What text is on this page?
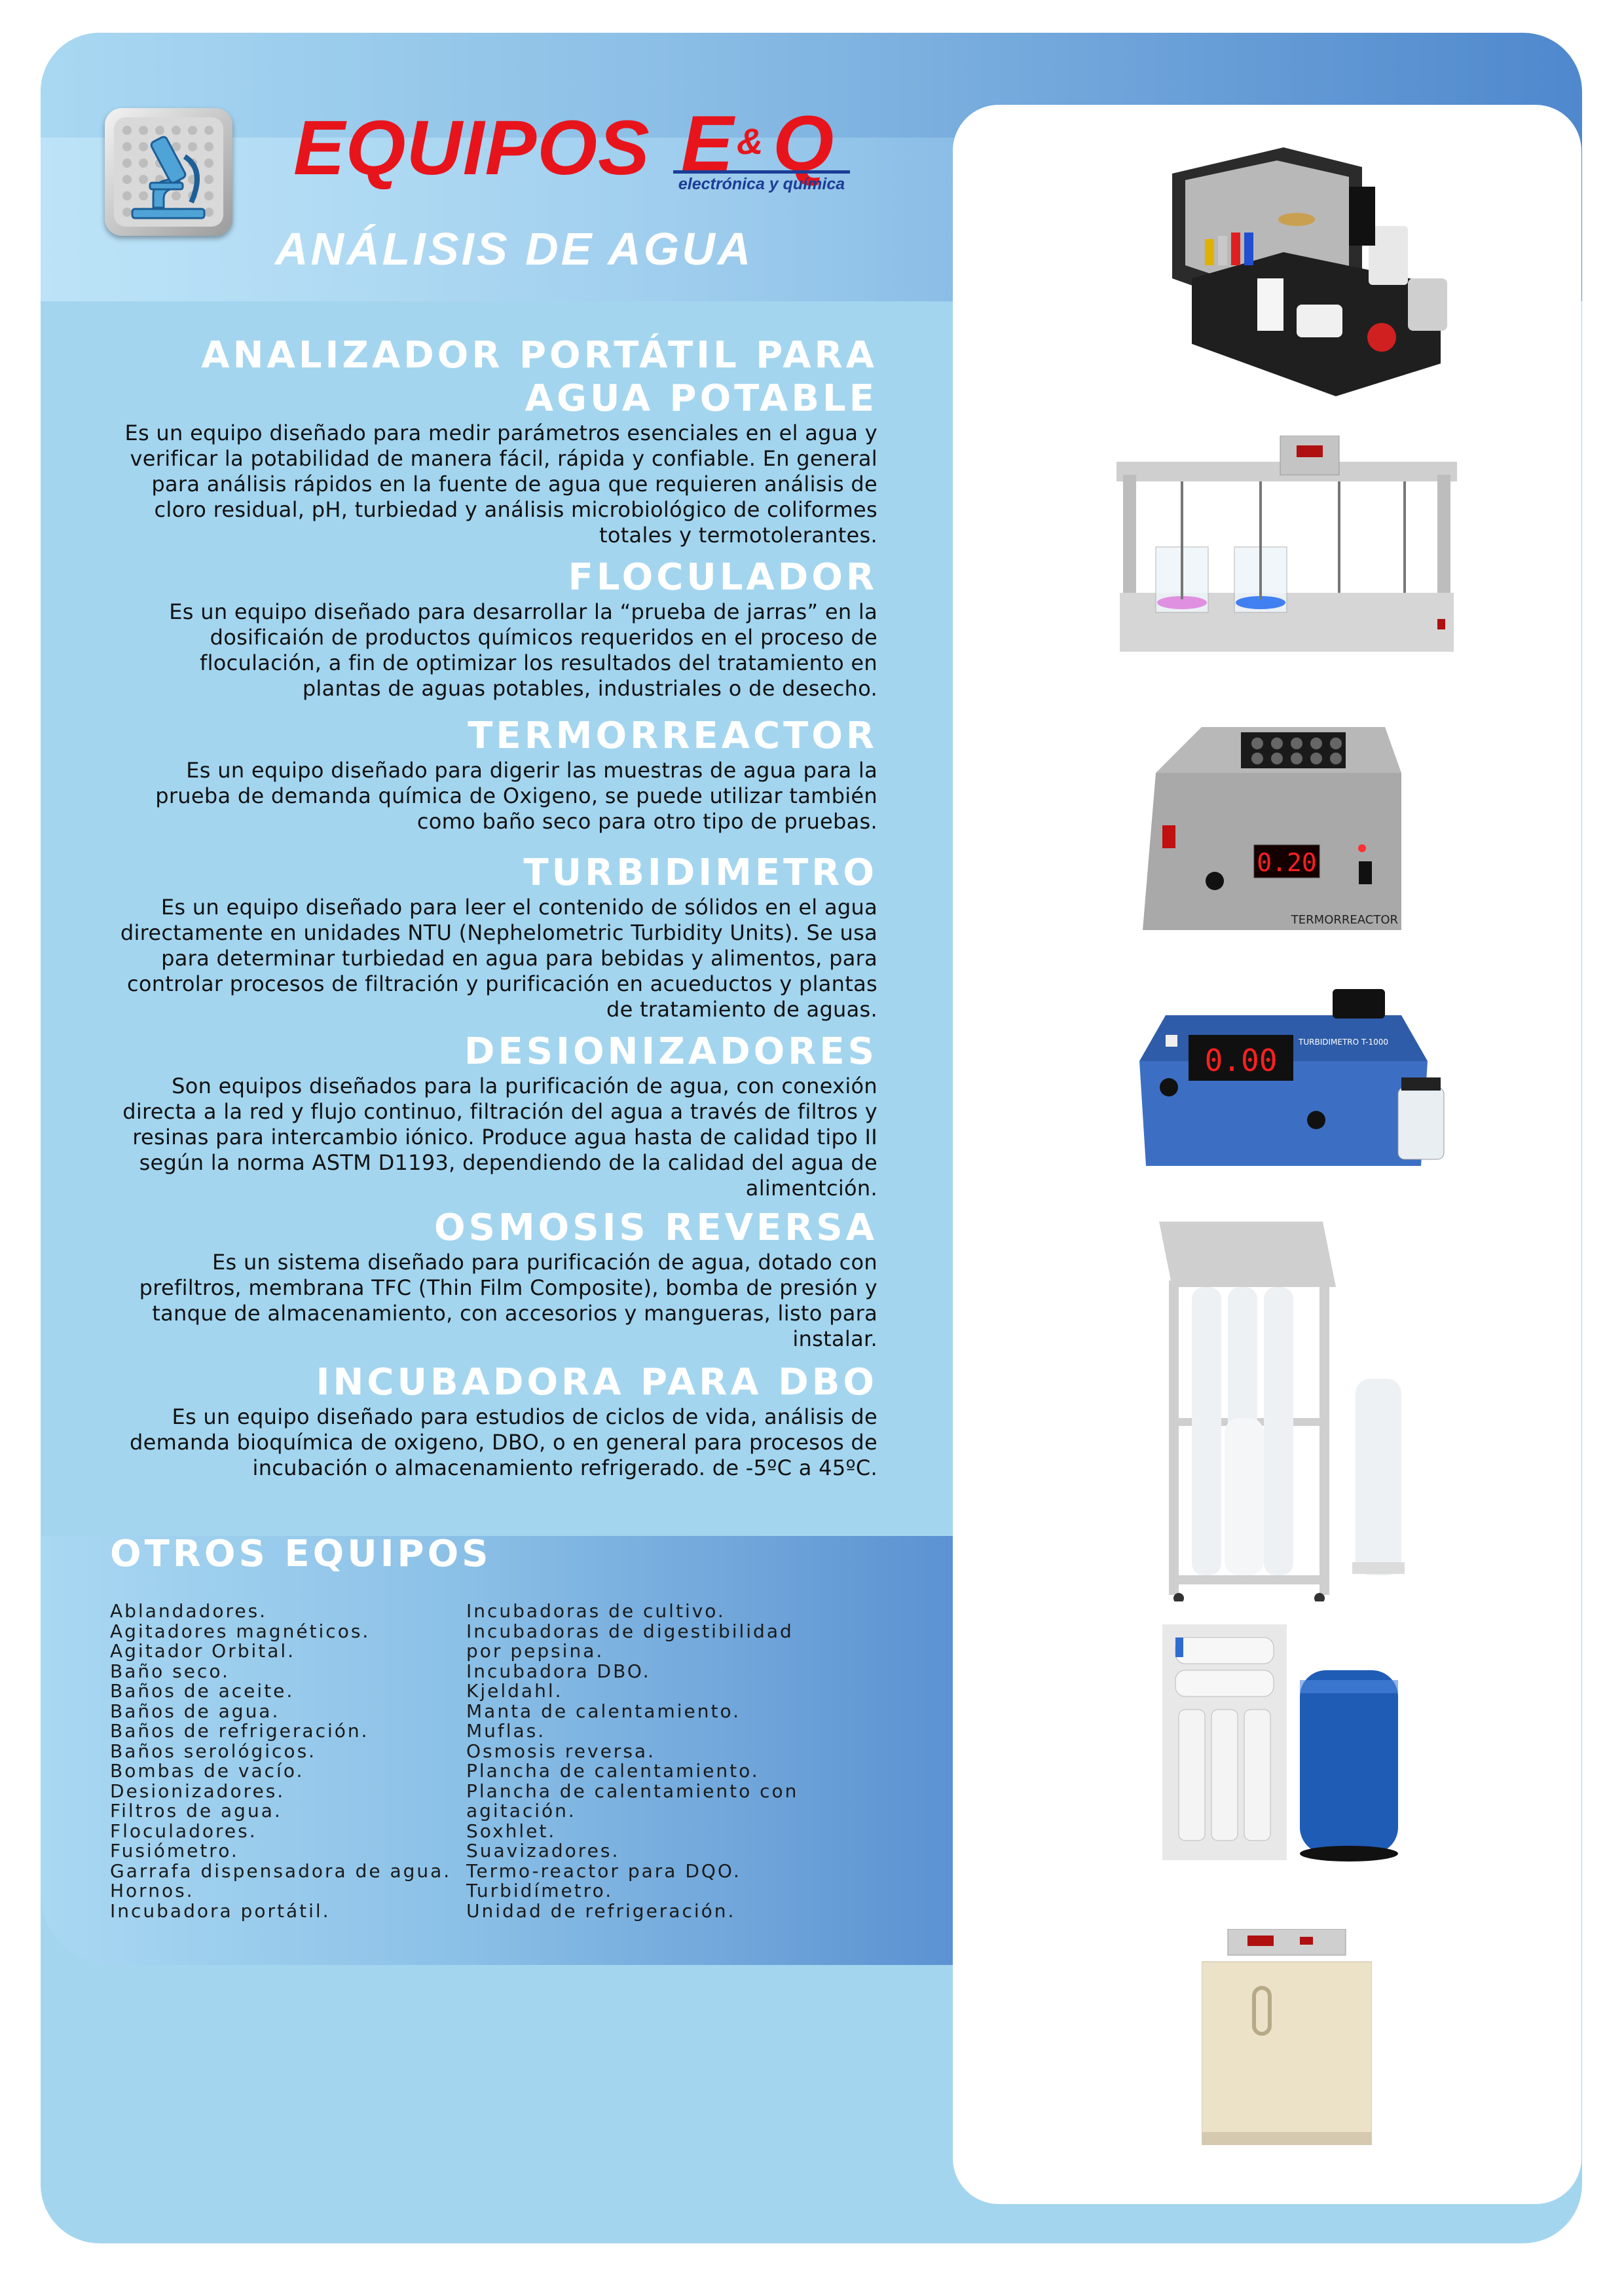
EQUIPOS E & Q
electrónica y química
ANÁLISIS DE AGUA
ANALIZADOR PORTÁTIL PARA AGUA POTABLE

Es un equipo diseñado para medir parámetros esenciales en el agua y verificar la potabilidad de manera fácil, rápida y confiable. En general para análisis rápidos en la fuente de agua que requieren análisis de cloro residual, pH, turbiedad y análisis microbiológico de coliformes totales y termotolerantes.

FLOCULADOR

Es un equipo diseñado para desarrollar la “prueba de jarras” en la dosificaión de productos químicos requeridos en el proceso de floculación, a fin de optimizar los resultados del tratamiento en plantas de aguas potables, industriales o de desecho.

TERMORREACTOR

Es un equipo diseñado para digerir las muestras de agua para la prueba de demanda química de Oxigeno, se puede utilizar también como baño seco para otro tipo de pruebas.

TURBIDIMETRO

Es un equipo diseñado para leer el contenido de sólidos en el agua directamente en unidades NTU (Nephelometric Turbidity Units). Se usa para determinar turbiedad en agua para bebidas y alimentos, para controlar procesos de filtración y purificación en acueductos y plantas de tratamiento de aguas.

DESIONIZADORES

Son equipos diseñados para la purificación de agua, con conexión directa a la red y flujo continuo, filtración del agua a través de filtros y resinas para intercambio iónico. Produce agua hasta de calidad tipo II según la norma ASTM D1193, dependiendo de la calidad del agua de alimentción.

OSMOSIS REVERSA

Es un sistema diseñado para purificación de agua, dotado con prefiltros, membrana TFC (Thin Film Composite), bomba de presión y tanque de almacenamiento, con accesorios y mangueras, listo para instalar.

INCUBADORA PARA DBO

Es un equipo diseñado para estudios de ciclos de vida, análisis de demanda bioquímica de oxigeno, DBO, o en general para procesos de incubación o almacenamiento refrigerado. de -5ºC a 45ºC.

OTROS EQUIPOS
Ablandadores.
Agitadores magnéticos.
Agitador Orbital.
Baño seco.
Baños de aceite.
Baños de agua.
Baños de refrigeración.
Baños serológicos.
Bombas de vacío.
Desionizadores.
Filtros de agua.
Floculadores.
Fusiómetro.
Garrafa dispensadora de agua.
Hornos.
Incubadora portátil.
Incubadoras de cultivo.
Incubadoras de digestibilidad
por pepsina.
Incubadora DBO.
Kjeldahl.
Manta de calentamiento.
Muflas.
Osmosis reversa.
Plancha de calentamiento.
Plancha de calentamiento con
agitación.
Soxhlet.
Suavizadores.
Termo-reactor para DQO.
Turbidímetro.
Unidad de refrigeración.
0.20
TERMORREACTOR
0.00
TURBIDIMETRO T-1000
